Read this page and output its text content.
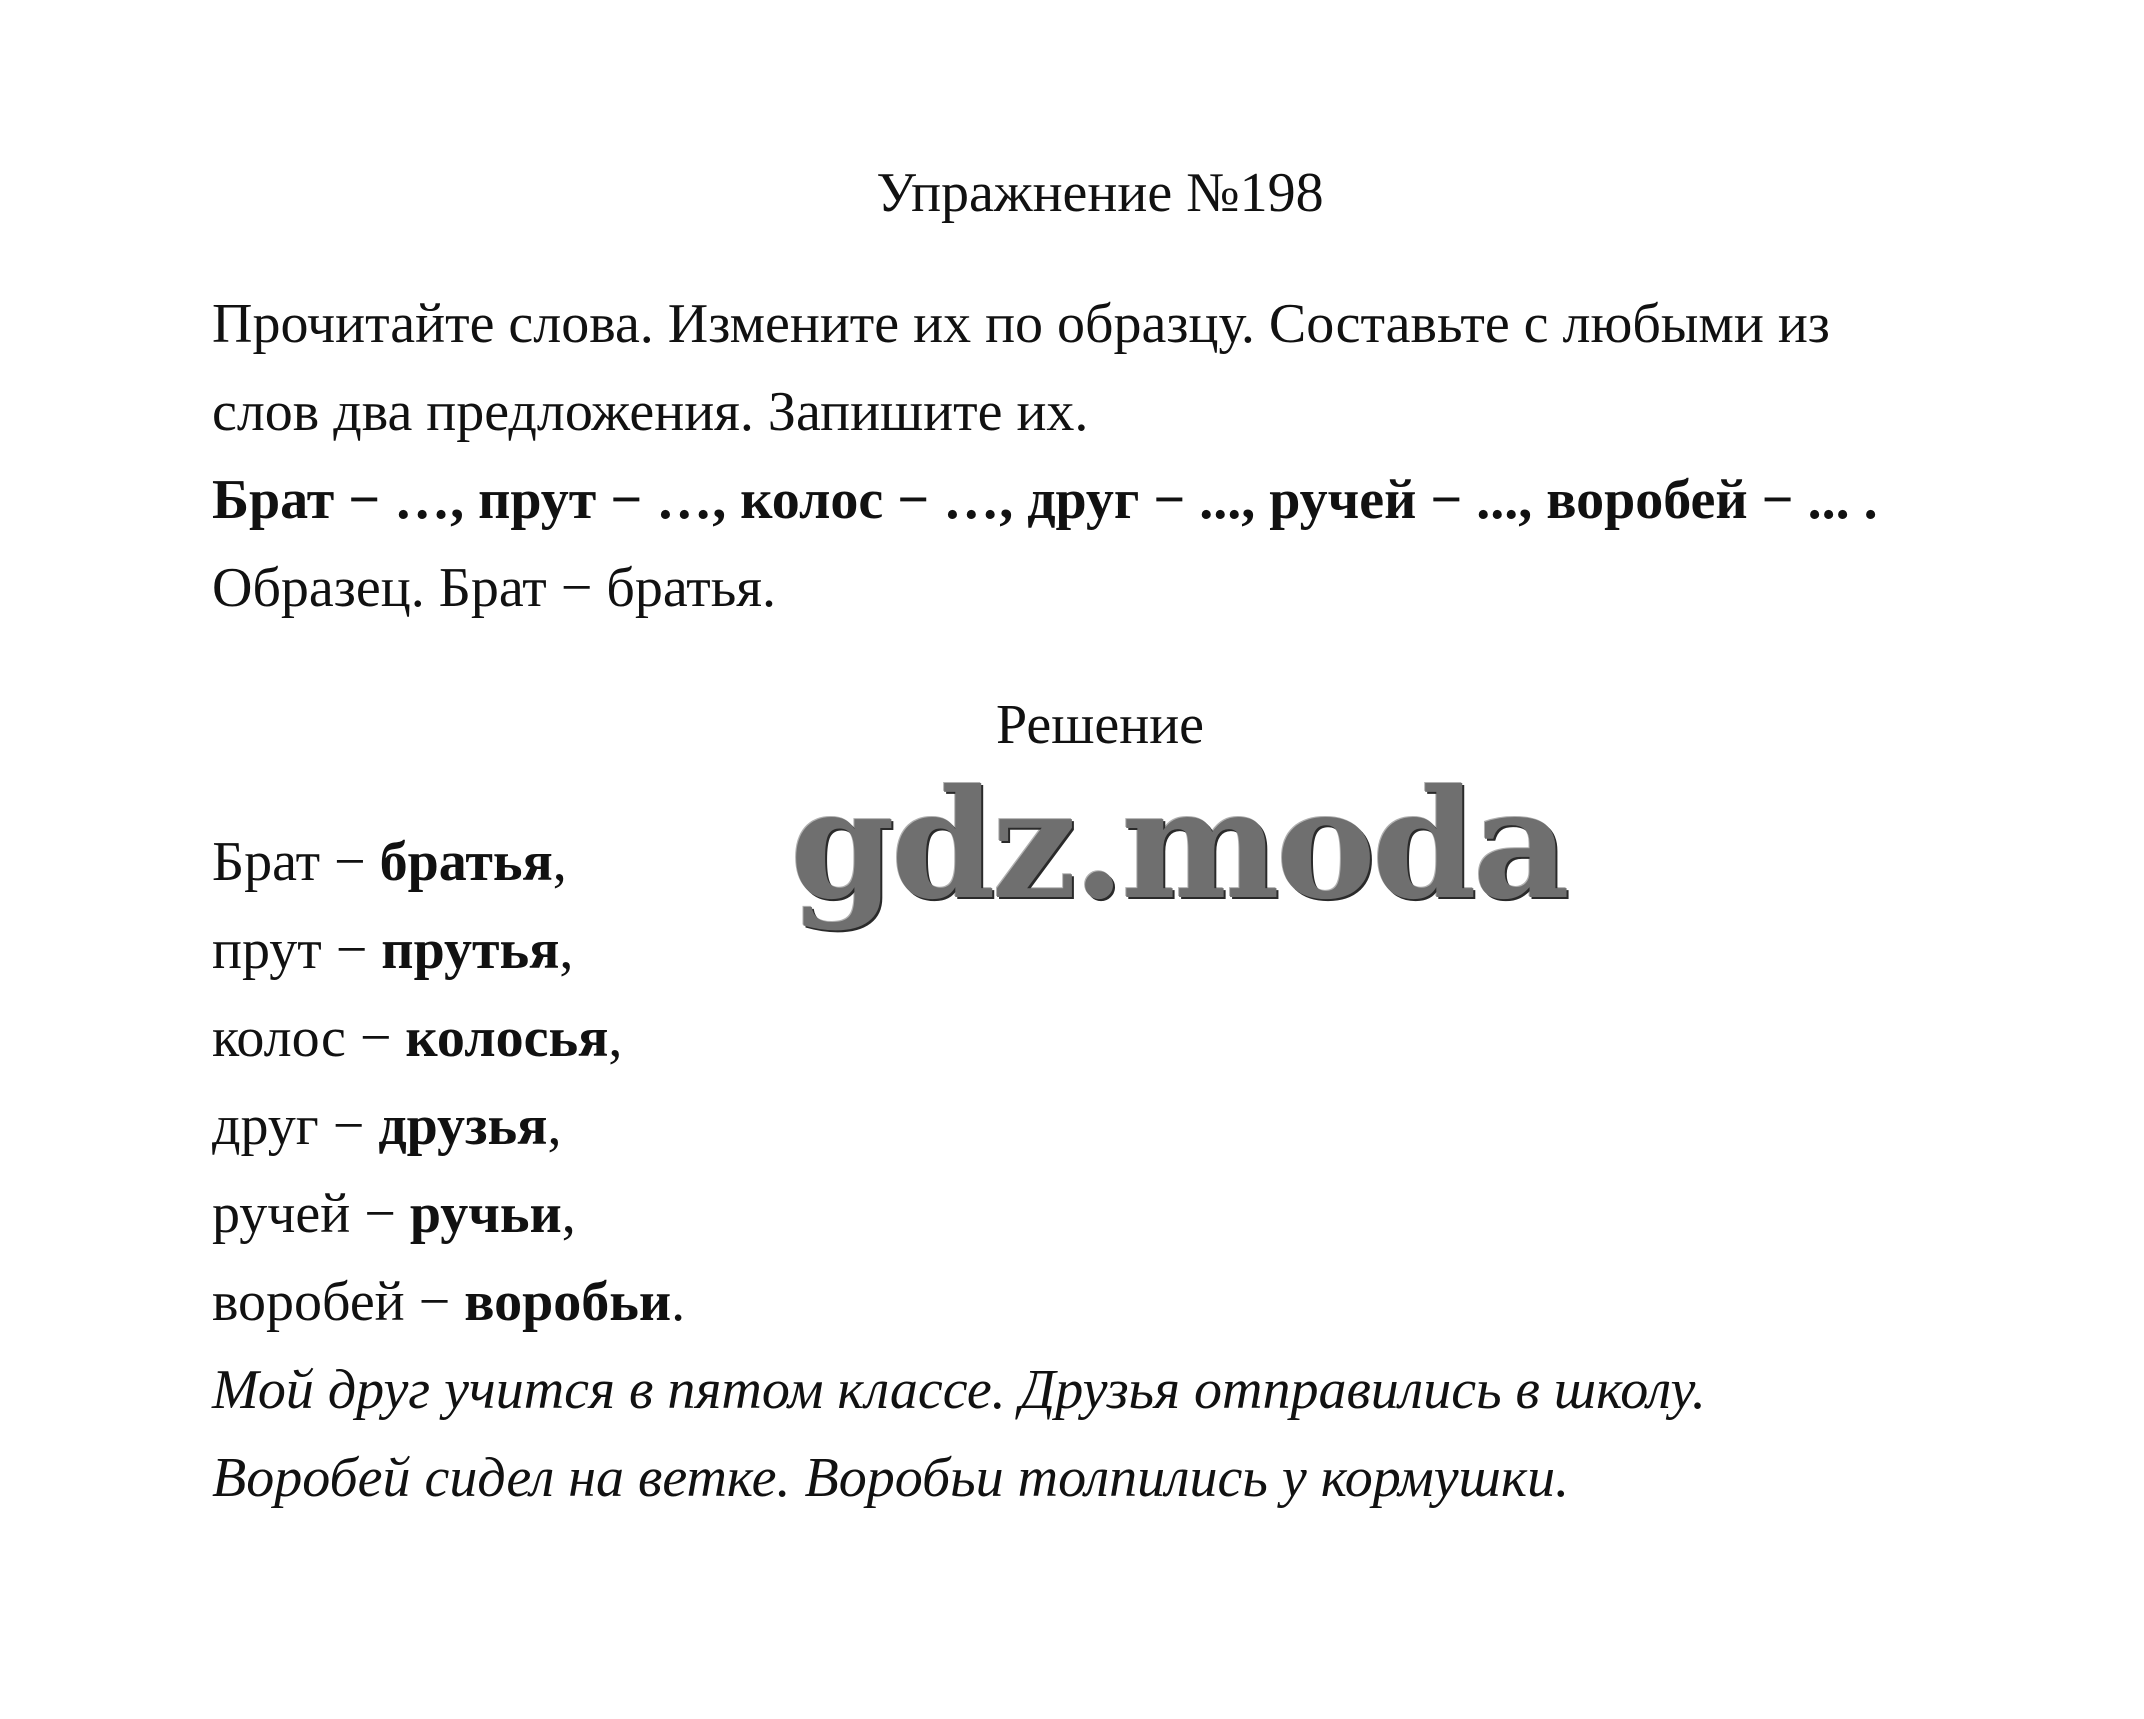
Упражнение №198
Прочитайте слова. Измените их по образцу. Составьте с любыми из
слов два предложения. Запишите их.
Брат − …, прут − …, колос − …, друг − ..., ручей − ..., воробей − ... .
Образец. Брат − братья.
Решение
Брат − братья,
прут − прутья,
колос − колосья,
друг − друзья,
ручей − ручьи,
воробей − воробьи.
Мой друг учится в пятом классе. Друзья отправились в школу.
Воробей сидел на ветке. Воробьи толпились у кормушки.
gdz.moda
